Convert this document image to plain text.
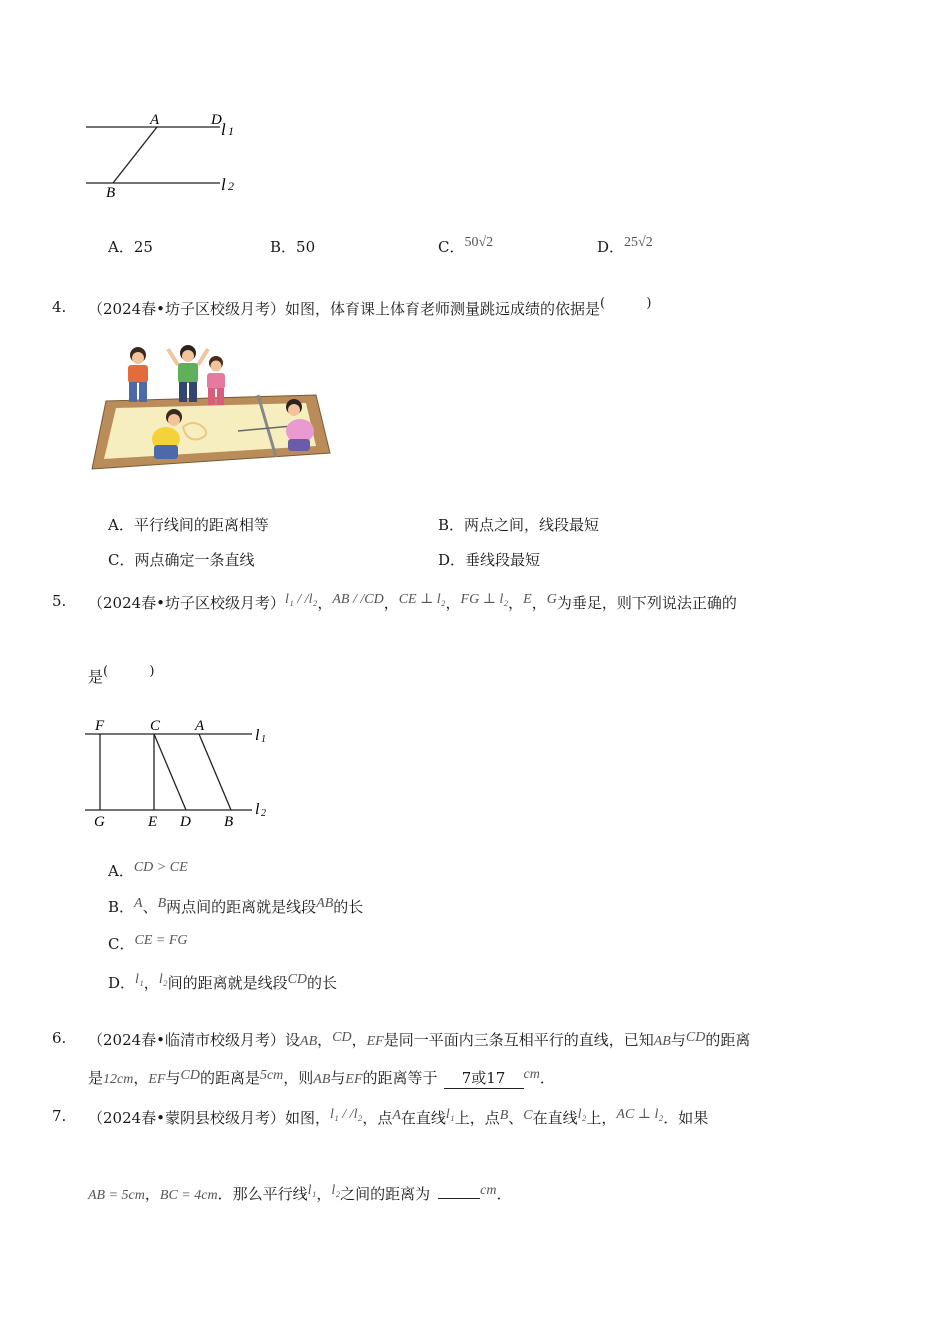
A	D
B
l 1
l 2
A．25	B．50	C．50√2	D．25√2
4. （2024春•坊子区校级月考）如图，体育课上体育老师测量跳远成绩的依据是(          )
A．平行线间的距离相等	B．两点之间，线段最短
C．两点确定一条直线	D．垂线段最短
5. （2024春•坊子区校级月考）l₁ / /l₂，AB / /CD，CE ⊥ l₂，FG ⊥ l₂，E，G为垂足，则下列说法正确的
是(          )
F	C A
G	E D B
l 1
l 2
A．CD > CE
B．A、B两点间的距离就是线段AB的长
C．CE = FG
D．l₁，l₂间的距离就是线段CD的长
6. （2024春•临清市校级月考）设AB，CD，EF是同一平面内三条互相平行的直线，已知AB与CD的距离
是12cm，EF与CD的距离是5cm，则AB与EF的距离等于 7或17 cm．
7. （2024春•蒙阴县校级月考）如图，l₁ / /l₂，点A在直线l₁上，点B、C在直线l₂上，AC ⊥ l₂．如果
AB = 5cm，BC = 4cm．那么平行线l₁，l₂之间的距离为	cm．
